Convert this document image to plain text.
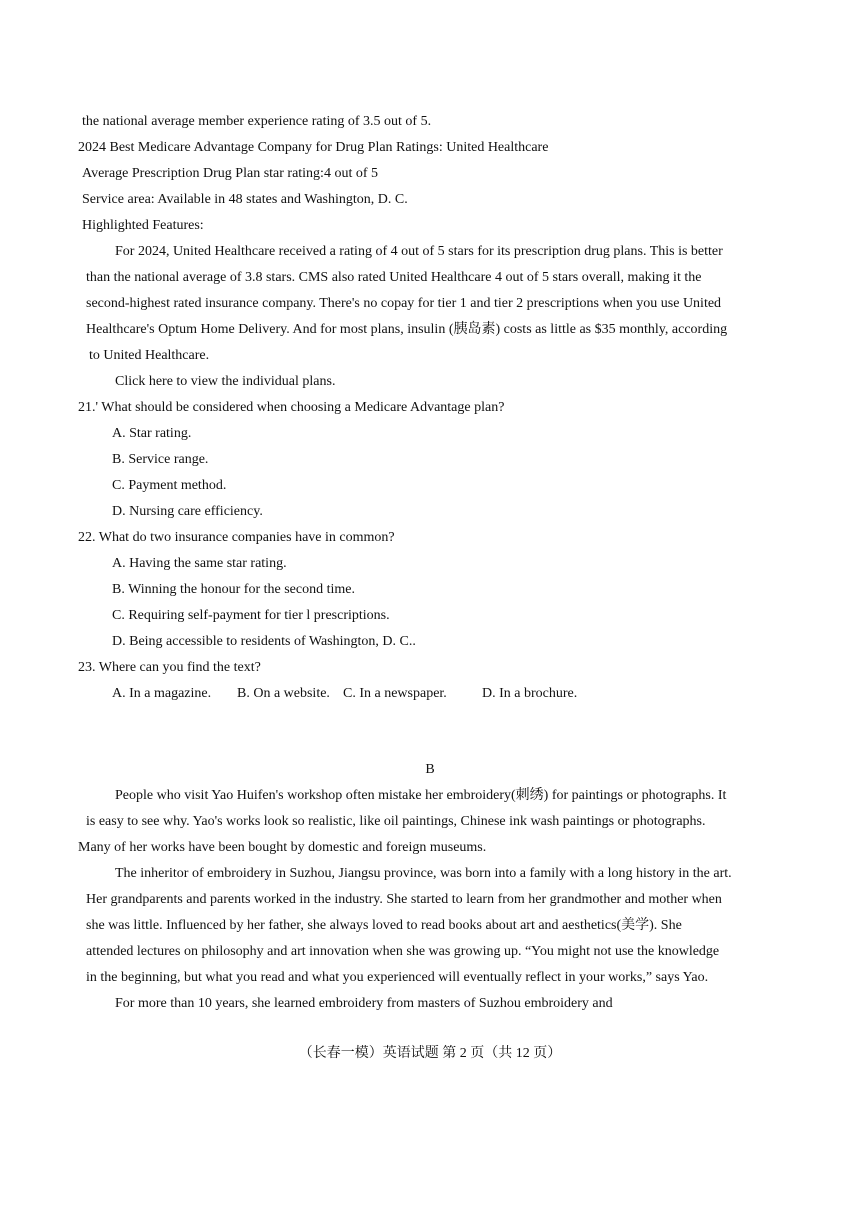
the national average member experience rating of 3.5 out of 5.
2024 Best Medicare Advantage Company for Drug Plan Ratings: United Healthcare
Average Prescription Drug Plan star rating:4 out of 5
Service area: Available in 48 states and Washington, D. C.
Highlighted Features:
For 2024, United Healthcare received a rating of 4 out of 5 stars for its prescription drug plans. This is better
than the national average of 3.8 stars. CMS also rated United Healthcare 4 out of 5 stars overall, making it the
second-highest rated insurance company. There's no copay for tier 1 and tier 2 prescriptions when you use United
Healthcare's Optum Home Delivery. And for most plans, insulin (胰岛素) costs as little as $35 monthly, according
to United Healthcare.
Click here to view the individual plans.
21.' What should be considered when choosing a Medicare Advantage plan?
A. Star rating.
B. Service range.
C. Payment method.
D. Nursing care efficiency.
22. What do two insurance companies have in common?
A. Having the same star rating.
B. Winning the honour for the second time.
C. Requiring self-payment for tier l prescriptions.
D. Being accessible to residents of Washington, D. C..
23. Where can you find the text?
A. In a magazine. B. On a website. C. In a newspaper.	D. In a brochure.
B
People who visit Yao Huifen's workshop often mistake her embroidery(刺绣) for paintings or photographs. It
is easy to see why. Yao's works look so realistic, like oil paintings, Chinese ink wash paintings or photographs.
Many of her works have been bought by domestic and foreign museums.
The inheritor of embroidery in Suzhou, Jiangsu province, was born into a family with a long history in the art.
Her grandparents and parents worked in the industry. She started to learn from her grandmother and mother when
she was little. Influenced by her father, she always loved to read books about art and aesthetics(美学). She
attended lectures on philosophy and art innovation when she was growing up. “You might not use the knowledge
in the beginning, but what you read and what you experienced will eventually reflect in your works,” says Yao.
For more than 10 years, she learned embroidery from masters of Suzhou embroidery and
（长春一模）英语试题 第 2 页（共 12 页）
